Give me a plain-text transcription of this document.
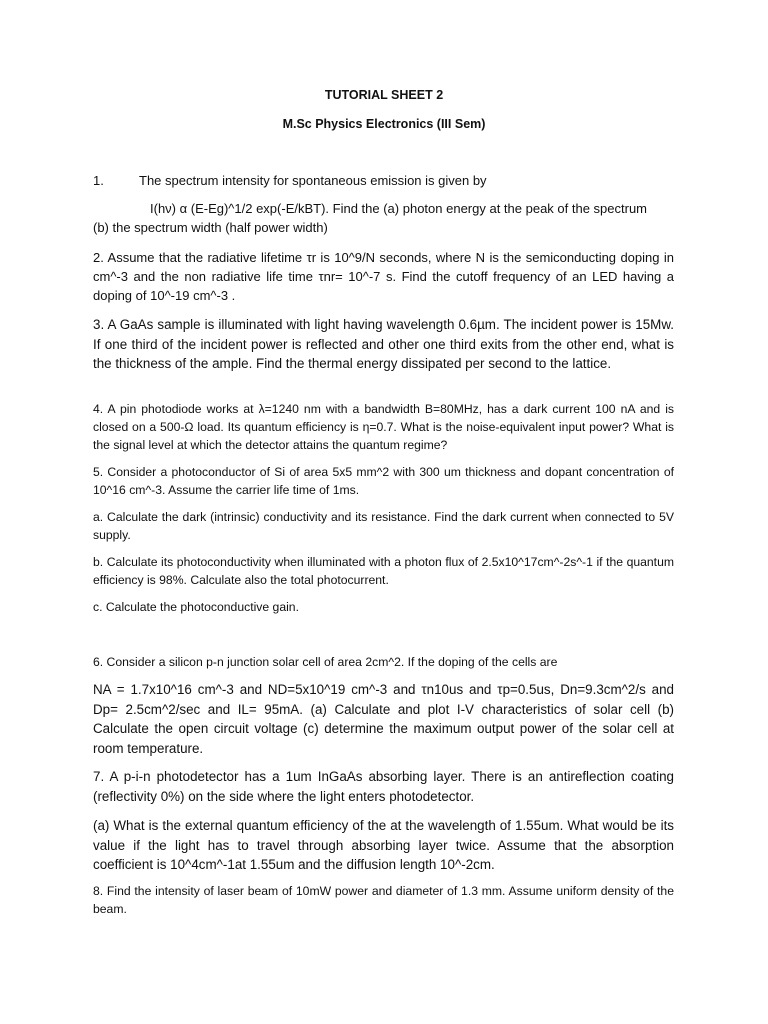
TUTORIAL SHEET 2
M.Sc Physics Electronics (III Sem)
1.	The spectrum intensity for spontaneous emission is given by
I(hν) α (E-Eg)^1/2 exp(-E/kBT). Find the (a) photon energy at the peak of the spectrum
(b) the spectrum width (half power width)

2. Assume that the radiative lifetime τr is 10^9/N seconds, where N is the semiconducting doping in cm^-3 and the non radiative life time τnr= 10^-7 s. Find the cutoff frequency of an LED having a doping of 10^-19 cm^-3 .

3. A GaAs sample is illuminated with light having wavelength 0.6µm. The incident power is 15Mw. If one third of the incident power is reflected and other one third exits from the other end, what is the thickness of the ample. Find the thermal energy dissipated per second to the lattice.

4. A pin photodiode works at λ=1240 nm with a bandwidth B=80MHz, has a dark current 100 nA and is closed on a 500-Ω load. Its quantum efficiency is η=0.7. What is the noise-equivalent input power? What is the signal level at which the detector attains the quantum regime?

5. Consider a photoconductor of Si of area 5x5 mm^2 with 300 um thickness and dopant concentration of 10^16 cm^-3. Assume the carrier life time of 1ms.

a. Calculate the dark (intrinsic) conductivity and its resistance. Find the dark current when connected to 5V supply.

b. Calculate its photoconductivity when illuminated with a photon flux of 2.5x10^17cm^-2s^-1 if the quantum efficiency is 98%. Calculate also the total photocurrent.

c. Calculate the photoconductive gain.

6. Consider a silicon p-n junction solar cell of area 2cm^2. If the doping of the cells are

NA = 1.7x10^16 cm^-3 and ND=5x10^19 cm^-3 and τn10us and τp=0.5us, Dn=9.3cm^2/s and Dp= 2.5cm^2/sec and IL= 95mA. (a) Calculate and plot I-V characteristics of solar cell (b) Calculate the open circuit voltage (c) determine the maximum output power of the solar cell at room temperature.

7. A p-i-n photodetector has a 1um InGaAs absorbing layer. There is an antireflection coating (reflectivity 0%) on the side where the light enters photodetector.

(a) What is the external quantum efficiency of the at the wavelength of 1.55um. What would be its value if the light has to travel through absorbing layer twice. Assume that the absorption coefficient is 10^4cm^-1at 1.55um and the diffusion length 10^-2cm.

8. Find the intensity of laser beam of 10mW power and diameter of 1.3 mm. Assume uniform density of the beam.
